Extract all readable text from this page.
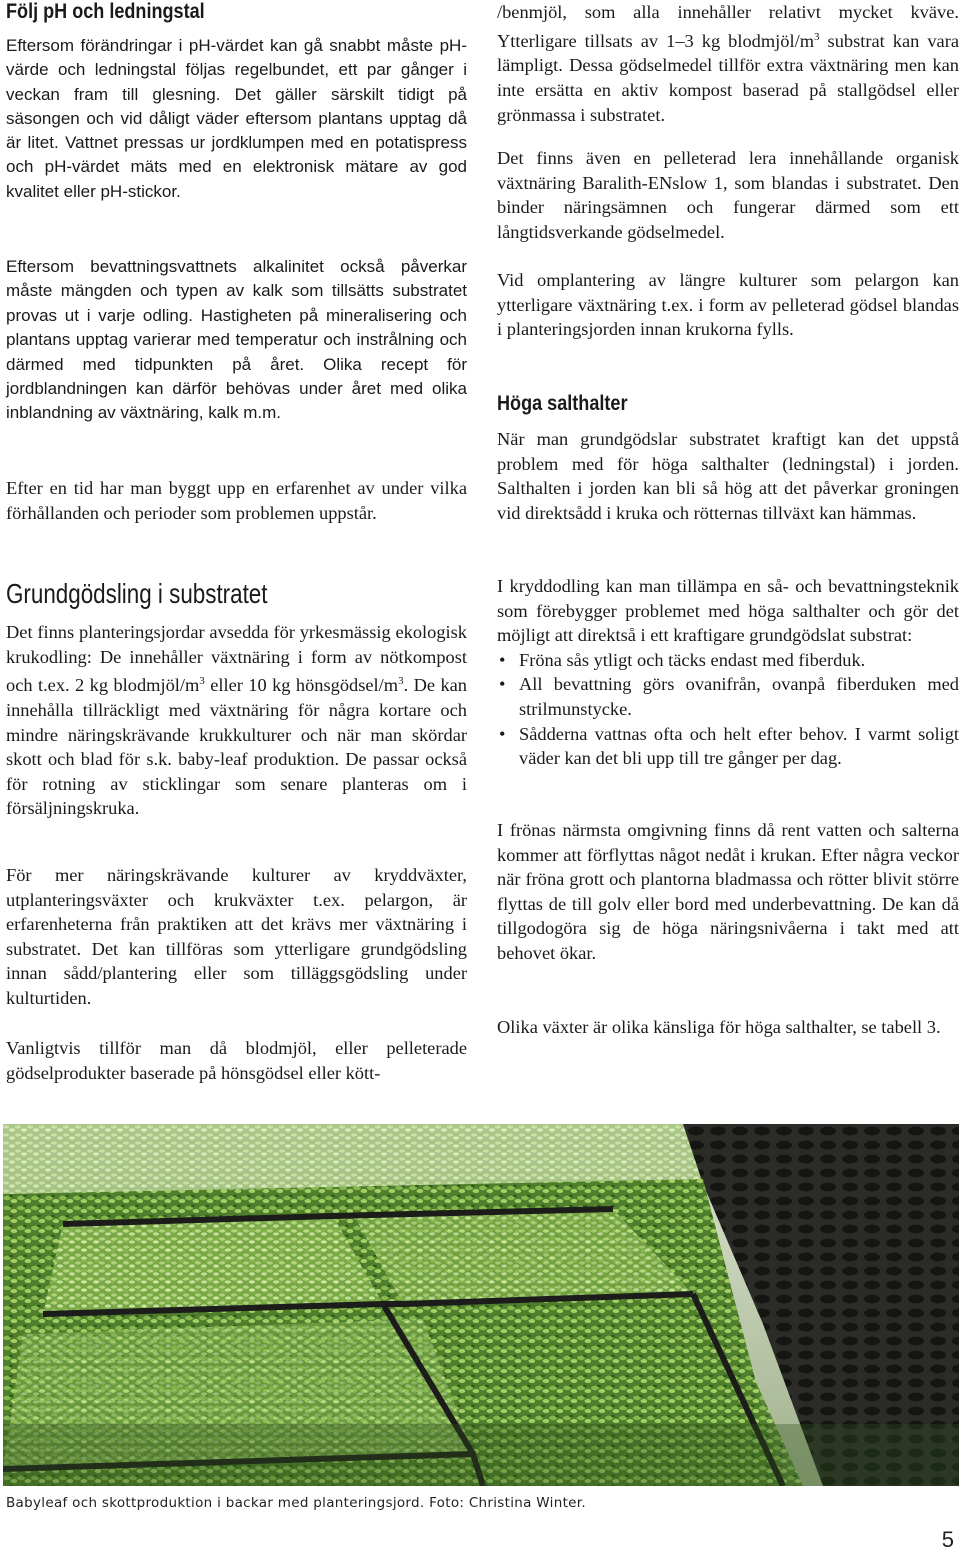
Följ pH och ledningstal

Eftersom förändringar i pH-värdet kan gå snabbt måste pH-värde och ledningstal följas regelbundet, ett par gånger i veckan fram till glesning. Det gäller särskilt tidigt på säsongen och vid dåligt väder eftersom plantans upptag då är litet. Vattnet pressas ur jordklumpen med en potatispress och pH-värdet mäts med en elektronisk mätare av god kvalitet eller pH-stickor.

Eftersom bevattningsvattnets alkalinitet också påverkar måste mängden och typen av kalk som tillsätts substratet provas ut i varje odling. Hastigheten på mineralisering och plantans upptag varierar med temperatur och instrålning och därmed med tidpunkten på året. Olika recept för jordblandningen kan därför behövas under året med olika inblandning av växtnäring, kalk m.m.

Efter en tid har man byggt upp en erfarenhet av under vilka förhållanden och perioder som problemen uppstår.

Grundgödsling i substratet

Det finns planteringsjordar avsedda för yrkesmässig ekologisk krukodling: De innehåller växtnäring i form av nötkompost och t.ex. 2 kg blodmjöl/$m^3$ eller 10 kg hönsgödsel/$m^3$. De kan innehålla tillräckligt med växtnäring för några kortare och mindre näringskrävande krukkulturer och när man skördar skott och blad för s.k. baby-leaf produktion. De passar också för rotning av sticklingar som senare planteras om i försäljningskruka.

För mer näringskrävande kulturer av kryddväxter, utplanteringsväxter och krukväxter t.ex. pelargon, är erfarenheterna från praktiken att det krävs mer växtnäring i substratet. Det kan tillföras som ytterligare grundgödsling innan sådd/plantering eller som tilläggsgödsling under kulturtiden.

Vanligtvis tillför man då blodmjöl, eller pelleterade gödselprodukter baserade på hönsgödsel eller kött-

/benmjöl, som alla innehåller relativt mycket kväve. Ytterligare tillsats av 1–3 kg blodmjöl/$m^3$ substrat kan vara lämpligt. Dessa gödselmedel tillför extra växtnäring men kan inte ersätta en aktiv kompost baserad på stallgödsel eller grönmassa i substratet.

Det finns även en pelleterad lera innehållande organisk växtnäring Baralith-ENslow 1, som blandas i substratet. Den binder näringsämnen och fungerar därmed som ett långtidsverkande gödselmedel.

Vid omplantering av längre kulturer som pelargon kan ytterligare växtnäring t.ex. i form av pelleterad gödsel blandas i planteringsjorden innan krukorna fylls.

Höga salthalter

När man grundgödslar substratet kraftigt kan det uppstå problem med för höga salthalter (ledningstal) i jorden. Salthalten i jorden kan bli så hög att det påverkar groningen vid direktsådd i kruka och rötternas tillväxt kan hämmas.

I kryddodling kan man tillämpa en så- och bevattningsteknik som förebygger problemet med höga salthalter och gör det möjligt att direktså i ett kraftigare grundgödslat substrat:

• Fröna sås ytligt och täcks endast med fiberduk.
• All bevattning görs ovanifrån, ovanpå fiberduken med strilmunstycke.
• Sådderna vattnas ofta och helt efter behov. I varmt soligt väder kan det bli upp till tre gånger per dag.

I frönas närmsta omgivning finns då rent vatten och salterna kommer att förflyttas något nedåt i krukan. Efter några veckor när fröna grott och plantorna bladmassa och rötter blivit större flyttas de till golv eller bord med underbevattning. De kan då tillgodogöra sig de höga näringsnivåerna i takt med att behovet ökar.

Olika växter är olika känsliga för höga salthalter, se tabell 3.

Babyleaf och skottproduktion i backar med planteringsjord. Foto: Christina Winter.
5
